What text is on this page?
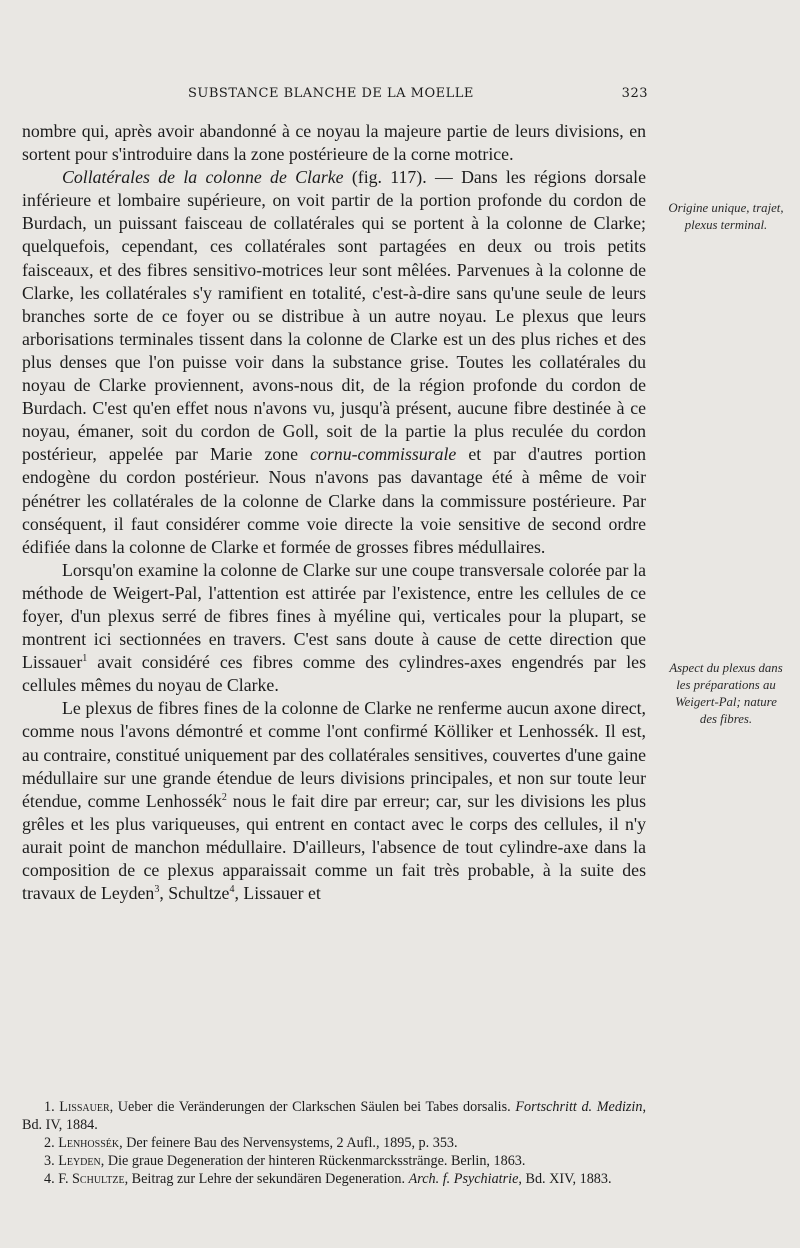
SUBSTANCE BLANCHE DE LA MOELLE	323

nombre qui, après avoir abandonné à ce noyau la majeure partie de leurs divisions, en sortent pour s'introduire dans la zone postérieure de la corne motrice.

Collatérales de la colonne de Clarke (fig. 117). — Dans les régions dorsale inférieure et lombaire supérieure, on voit partir de la portion profonde du cordon de Burdach, un puissant faisceau de collatérales qui se portent à la colonne de Clarke; quelquefois, cependant, ces collatérales sont partagées en deux ou trois petits faisceaux, et des fibres sensitivo-motrices leur sont mêlées. Parvenues à la colonne de Clarke, les collatérales s'y ramifient en totalité, c'est-à-dire sans qu'une seule de leurs branches sorte de ce foyer ou se distribue à un autre noyau. Le plexus que leurs arborisations terminales tissent dans la colonne de Clarke est un des plus riches et des plus denses que l'on puisse voir dans la substance grise. Toutes les collatérales du noyau de Clarke proviennent, avons-nous dit, de la région profonde du cordon de Burdach. C'est qu'en effet nous n'avons vu, jusqu'à présent, aucune fibre destinée à ce noyau, émaner, soit du cordon de Goll, soit de la partie la plus reculée du cordon postérieur, appelée par Marie zone cornu-commissurale et par d'autres portion endogène du cordon postérieur. Nous n'avons pas davantage été à même de voir pénétrer les collatérales de la colonne de Clarke dans la commissure postérieure. Par conséquent, il faut considérer comme voie directe la voie sensitive de second ordre édifiée dans la colonne de Clarke et formée de grosses fibres médullaires.

Lorsqu'on examine la colonne de Clarke sur une coupe transversale colorée par la méthode de Weigert-Pal, l'attention est attirée par l'existence, entre les cellules de ce foyer, d'un plexus serré de fibres fines à myéline qui, verticales pour la plupart, se montrent ici sectionnées en travers. C'est sans doute à cause de cette direction que Lissauer$^1$ avait considéré ces fibres comme des cylindres-axes engendrés par les cellules mêmes du noyau de Clarke.

Le plexus de fibres fines de la colonne de Clarke ne renferme aucun axone direct, comme nous l'avons démontré et comme l'ont confirmé Kölliker et Lenhossék. Il est, au contraire, constitué uniquement par des collatérales sensitives, couvertes d'une gaine médullaire sur une grande étendue de leurs divisions principales, et non sur toute leur étendue, comme Lenhossék$^2$ nous le fait dire par erreur; car, sur les divisions les plus grêles et les plus variqueuses, qui entrent en contact avec le corps des cellules, il n'y aurait point de manchon médullaire. D'ailleurs, l'absence de tout cylindre-axe dans la composition de ce plexus apparaissait comme un fait très probable, à la suite des travaux de Leyden$^3$, Schultze$^4$, Lissauer et

Origine unique, trajet, plexus terminal.
Aspect du plexus dans les préparations au Weigert-Pal; nature des fibres.
1. Lissauer, Ueber die Veränderungen der Clarkschen Säulen bei Tabes dorsalis. Fortschritt d. Medizin, Bd. IV, 1884.
2. Lenhossék, Der feinere Bau des Nervensystems, 2 Aufl., 1895, p. 353.
3. Leyden, Die graue Degeneration der hinteren Rückenmarcksstränge. Berlin, 1863.
4. F. Schultze, Beitrag zur Lehre der sekundären Degeneration. Arch. f. Psychiatrie, Bd. XIV, 1883.
